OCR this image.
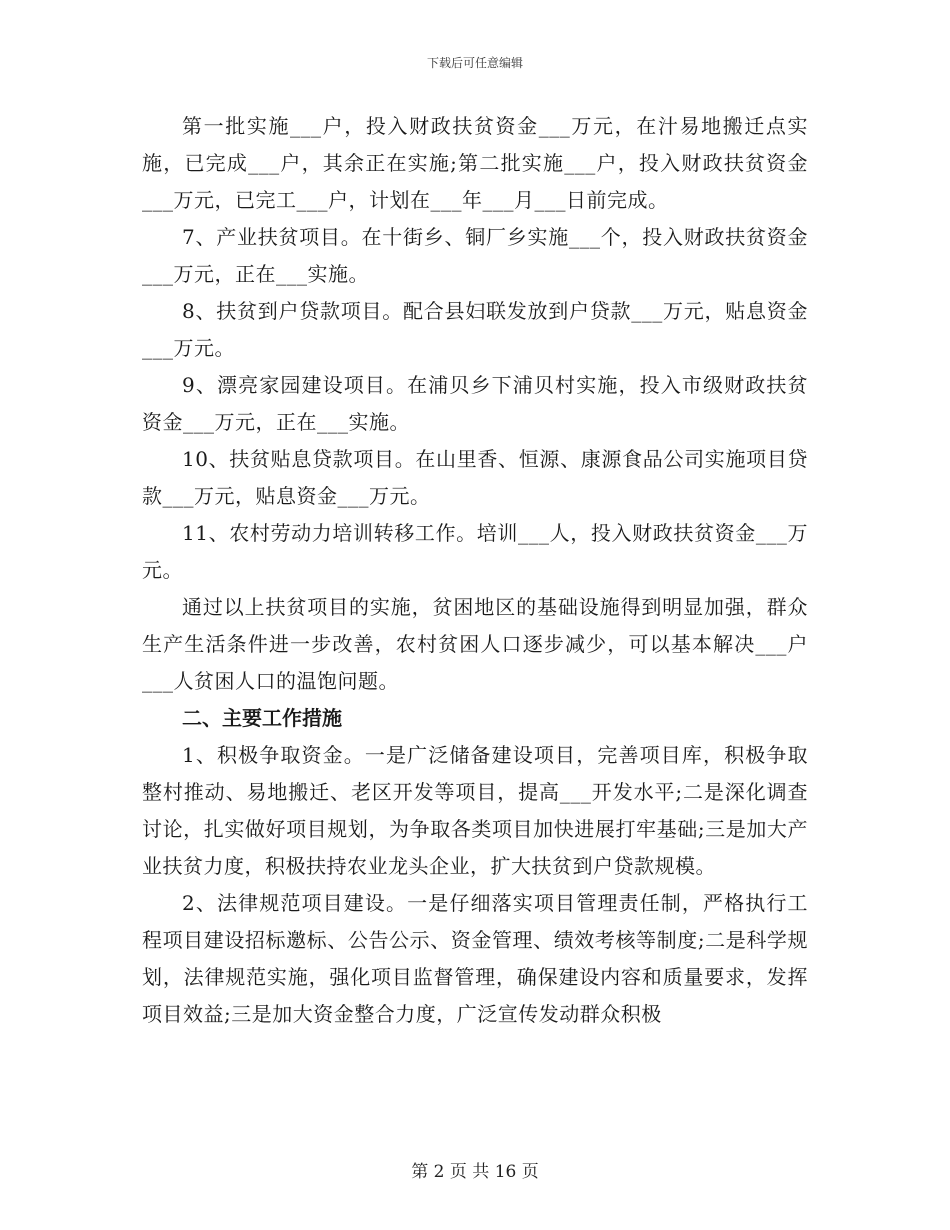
下载后可任意编辑

第一批实施___户，投入财政扶贫资金___万元，在汁易地搬迁点实施，已完成___户，其余正在实施;第二批实施___户，投入财政扶贫资金___万元，已完工___户，计划在___年___月___日前完成。

7、产业扶贫项目。在十街乡、铜厂乡实施___个，投入财政扶贫资金___万元，正在___实施。

8、扶贫到户贷款项目。配合县妇联发放到户贷款___万元，贴息资金___万元。

9、漂亮家园建设项目。在浦贝乡下浦贝村实施，投入市级财政扶贫资金___万元，正在___实施。

10、扶贫贴息贷款项目。在山里香、恒源、康源食品公司实施项目贷款___万元，贴息资金___万元。

11、农村劳动力培训转移工作。培训___人，投入财政扶贫资金___万元。

通过以上扶贫项目的实施，贫困地区的基础设施得到明显加强，群众生产生活条件进一步改善，农村贫困人口逐步减少，可以基本解决___户___人贫困人口的温饱问题。

二、主要工作措施

1、积极争取资金。一是广泛储备建设项目，完善项目库，积极争取整村推动、易地搬迁、老区开发等项目，提高___开发水平;二是深化调查讨论，扎实做好项目规划，为争取各类项目加快进展打牢基础;三是加大产业扶贫力度，积极扶持农业龙头企业，扩大扶贫到户贷款规模。

2、法律规范项目建设。一是仔细落实项目管理责任制，严格执行工程项目建设招标邀标、公告公示、资金管理、绩效考核等制度;二是科学规划，法律规范实施，强化项目监督管理，确保建设内容和质量要求，发挥项目效益;三是加大资金整合力度，广泛宣传发动群众积极

第 2 页 共 16 页
